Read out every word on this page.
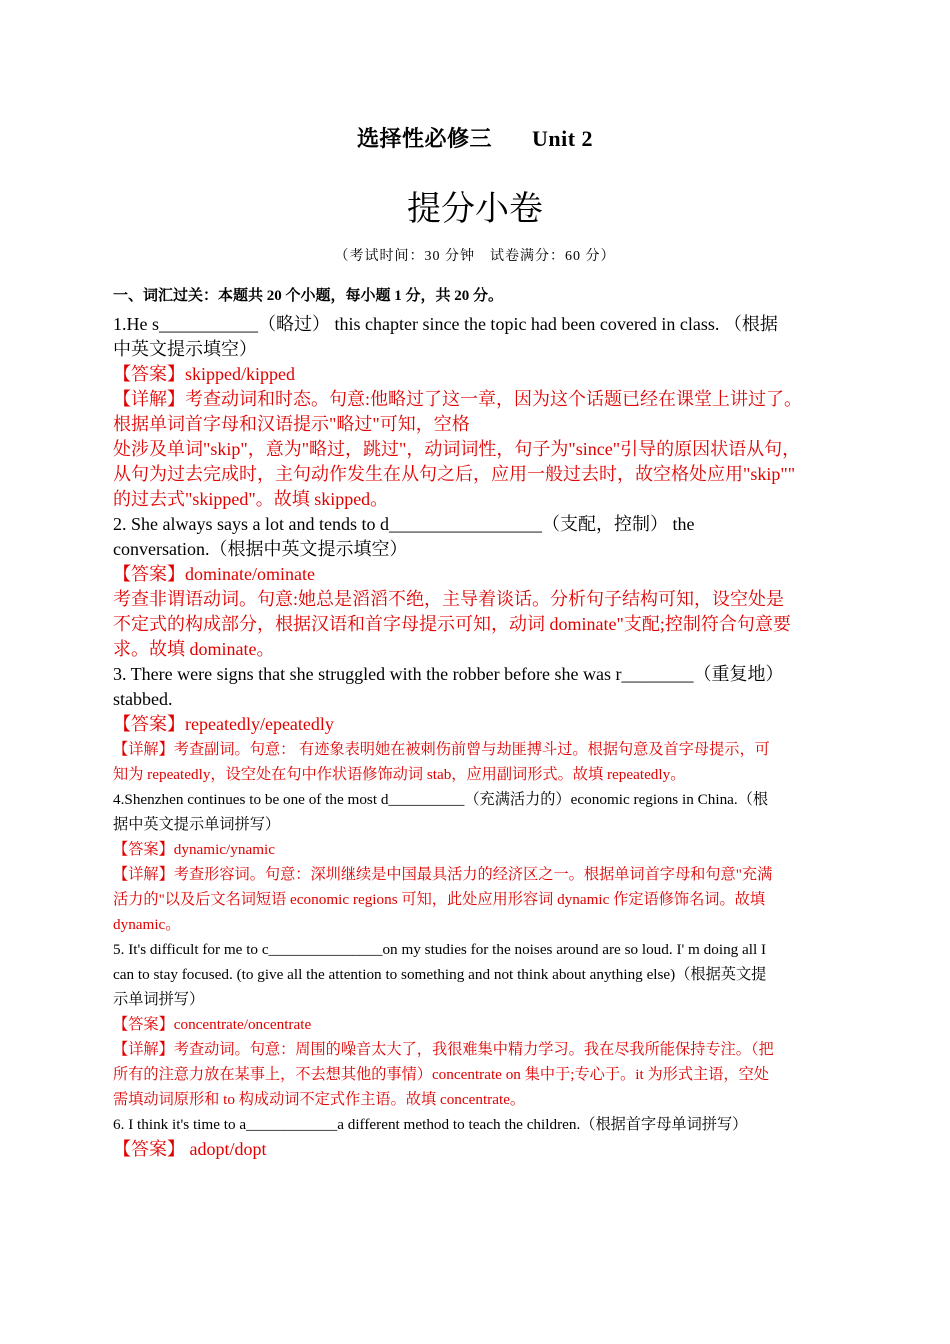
选择性必修三 Unit 2
提分小卷
（考试时间：30 分钟　试卷满分：60 分）
一、词汇过关：本题共 20 个小题，每小题 1 分，共 20 分。

1.He s___________（略过） this chapter since the topic had been covered in class. （根据

中英文提示填空）

【答案】skipped/kipped

【详解】考查动词和时态。句意:他略过了这一章，因为这个话题已经在课堂上讲过了。

根据单词首字母和汉语提示"略过"可知，空格

处涉及单词"skip"，意为"略过，跳过"，动词词性，句子为"since"引导的原因状语从句，

从句为过去完成时，主句动作发生在从句之后，应用一般过去时，故空格处应用"skip""

的过去式"skipped"。故填 skipped。

2. She always says a lot and tends to d_________________（支配，控制） the

conversation.（根据中英文提示填空）

【答案】dominate/ominate

考查非谓语动词。句意:她总是滔滔不绝，主导着谈话。分析句子结构可知，设空处是

不定式的构成部分，根据汉语和首字母提示可知，动词 dominate"支配;控制符合句意要

求。故填 dominate。

3. There were signs that she struggled with the robber before she was r________（重复地）

stabbed.

【答案】repeatedly/epeatedly

【详解】考查副词。句意： 有迹象表明她在被刺伤前曾与劫匪搏斗过。根据句意及首字母提示，可

知为 repeatedly，设空处在句中作状语修饰动词 stab，应用副词形式。故填 repeatedly。

4.Shenzhen continues to be one of the most d__________（充满活力的）economic regions in China.（根

据中英文提示单词拼写）

【答案】dynamic/ynamic

【详解】考查形容词。句意：深圳继续是中国最具活力的经济区之一。根据单词首字母和句意"充满

活力的"以及后文名词短语 economic regions 可知，此处应用形容词 dynamic 作定语修饰名词。故填

dynamic。

5. It's difficult for me to c_______________on my studies for the noises around are so loud. I' m doing all I

can to stay focused. (to give all the attention to something and not think about anything else)（根据英文提

示单词拼写）

【答案】concentrate/oncentrate

【详解】考查动词。句意：周围的噪音太大了，我很难集中精力学习。我在尽我所能保持专注。（把

所有的注意力放在某事上，不去想其他的事情）concentrate on 集中于;专心于。it 为形式主语，空处

需填动词原形和 to 构成动词不定式作主语。故填 concentrate。

6. I think it's time to a____________a different method to teach the children.（根据首字母单词拼写）

【答案】 adopt/dopt
